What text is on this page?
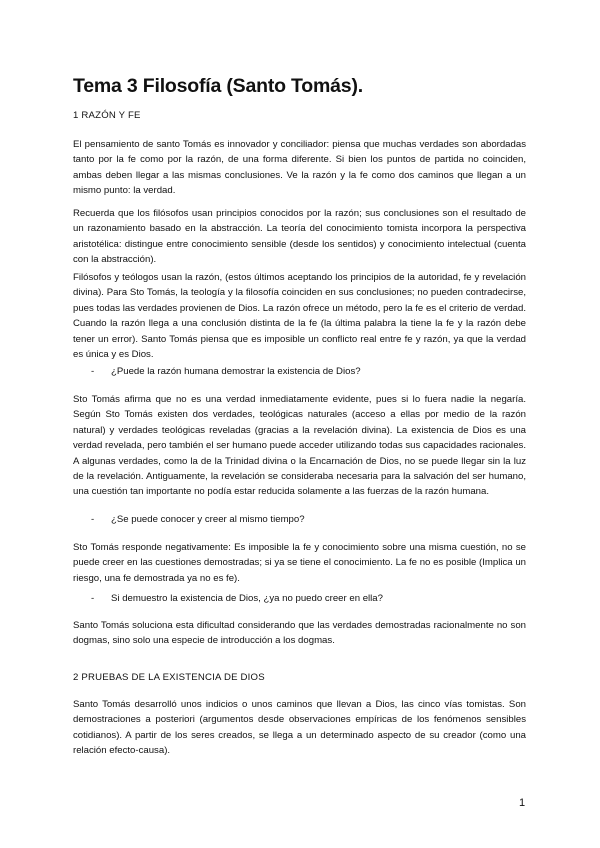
Tema 3 Filosofía (Santo Tomás).

1 RAZÓN Y FE

El pensamiento de santo Tomás es innovador y conciliador: piensa que muchas verdades son abordadas tanto por la fe como por la razón, de una forma diferente. Si bien los puntos de partida no coinciden, ambas deben llegar a las mismas conclusiones. Ve la razón y la fe como dos caminos que llegan a un mismo punto: la verdad.

Recuerda que los filósofos usan principios conocidos por la razón; sus conclusiones son el resultado de un razonamiento basado en la abstracción. La teoría del conocimiento tomista incorpora la perspectiva aristotélica: distingue entre conocimiento sensible (desde los sentidos) y conocimiento intelectual (cuenta con la abstracción).

Filósofos y teólogos usan la razón, (estos últimos aceptando los principios de la autoridad, fe y revelación divina). Para Sto Tomás, la teología y la filosofía coinciden en sus conclusiones; no pueden contradecirse, pues todas las verdades provienen de Dios. La razón ofrece un método, pero la fe es el criterio de verdad. Cuando la razón llega a una conclusión distinta de la fe (la última palabra la tiene la fe y la razón debe tener un error). Santo Tomás piensa que es imposible un conflicto real entre fe y razón, ya que la verdad es única y es Dios.

- ¿Puede la razón humana demostrar la existencia de Dios?

Sto Tomás afirma que no es una verdad inmediatamente evidente, pues si lo fuera nadie la negaría. Según Sto Tomás existen dos verdades, teológicas naturales (acceso a ellas por medio de la razón natural) y verdades teológicas reveladas (gracias a la revelación divina). La existencia de Dios es una verdad revelada, pero también el ser humano puede acceder utilizando todas sus capacidades racionales. A algunas verdades, como la de la Trinidad divina o la Encarnación de Dios, no se puede llegar sin la luz de la revelación. Antiguamente, la revelación se consideraba necesaria para la salvación del ser humano, una cuestión tan importante no podía estar reducida solamente a las fuerzas de la razón humana.

- ¿Se puede conocer y creer al mismo tiempo?

Sto Tomás responde negativamente: Es imposible la fe y conocimiento sobre una misma cuestión, no se puede creer en las cuestiones demostradas; si ya se tiene el conocimiento. La fe no es posible (Implica un riesgo, una fe demostrada ya no es fe).

- Si demuestro la existencia de Dios, ¿ya no puedo creer en ella?

Santo Tomás soluciona esta dificultad considerando que las verdades demostradas racionalmente no son dogmas, sino solo una especie de introducción a los dogmas.

2 PRUEBAS DE LA EXISTENCIA DE DIOS

Santo Tomás desarrolló unos indicios o unos caminos que llevan a Dios, las cinco vías tomistas. Son demostraciones a posteriori (argumentos desde observaciones empíricas de los fenómenos sensibles cotidianos). A partir de los seres creados, se llega a un determinado aspecto de su creador (como una relación efecto-causa).

1
